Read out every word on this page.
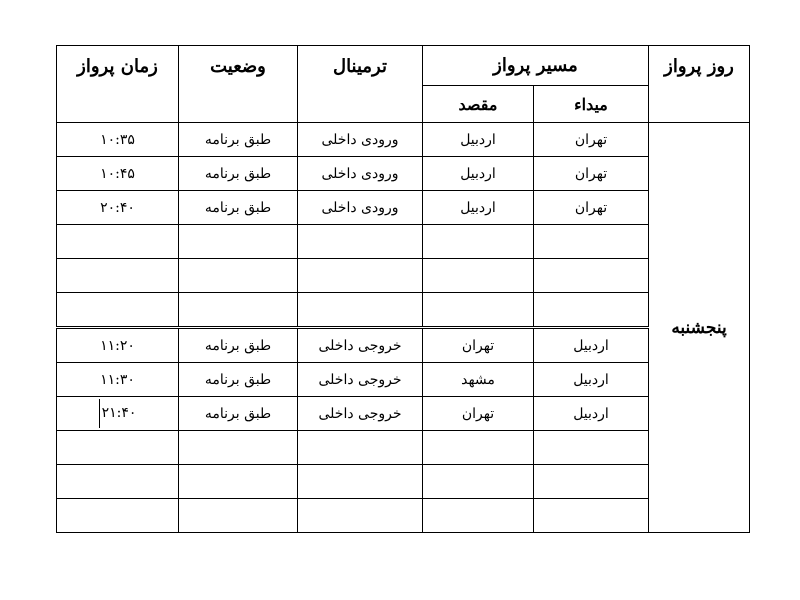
روز پرواز	مسیر پرواز		ترمینال	وضعیت	زمان پرواز
	میداء	مقصد			
پنجشنبه	تهران	اردبیل	ورودی داخلی	طبق برنامه	۱۰:۳۵
	تهران	اردبیل	ورودی داخلی	طبق برنامه	۱۰:۴۵
	تهران	اردبیل	ورودی داخلی	طبق برنامه	۲۰:۴۰

	اردبیل	تهران	خروجی داخلی	طبق برنامه	۱۱:۲۰
	اردبیل	مشهد	خروجی داخلی	طبق برنامه	۱۱:۳۰
	اردبیل	تهران	خروجی داخلی	طبق برنامه	۲۱:۴۰
